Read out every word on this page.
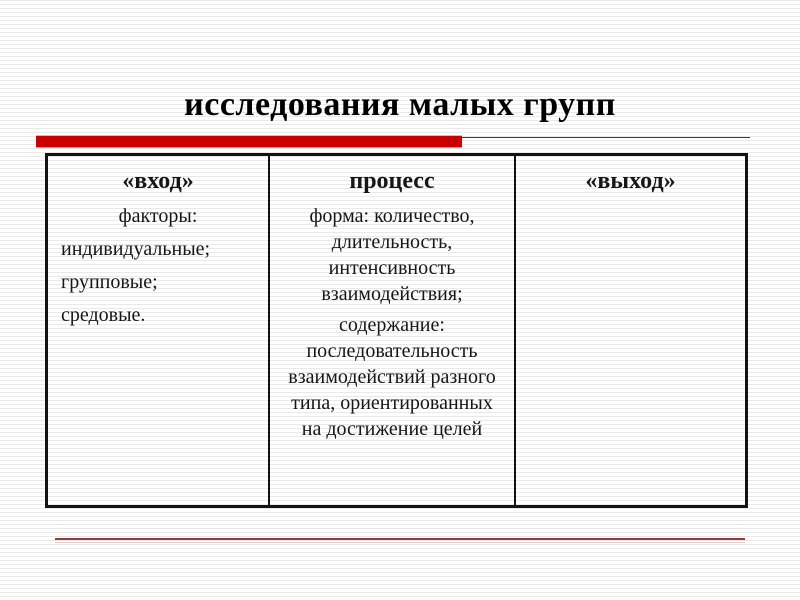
исследования малых групп
«вход»

факторы:

индивидуальные;

групповые;

средовые.

процесс

форма: количество, длительность, интенсивность взаимодействия;

содержание: последовательность взаимодействий разного типа, ориентированных на достижение целей

«выход»
